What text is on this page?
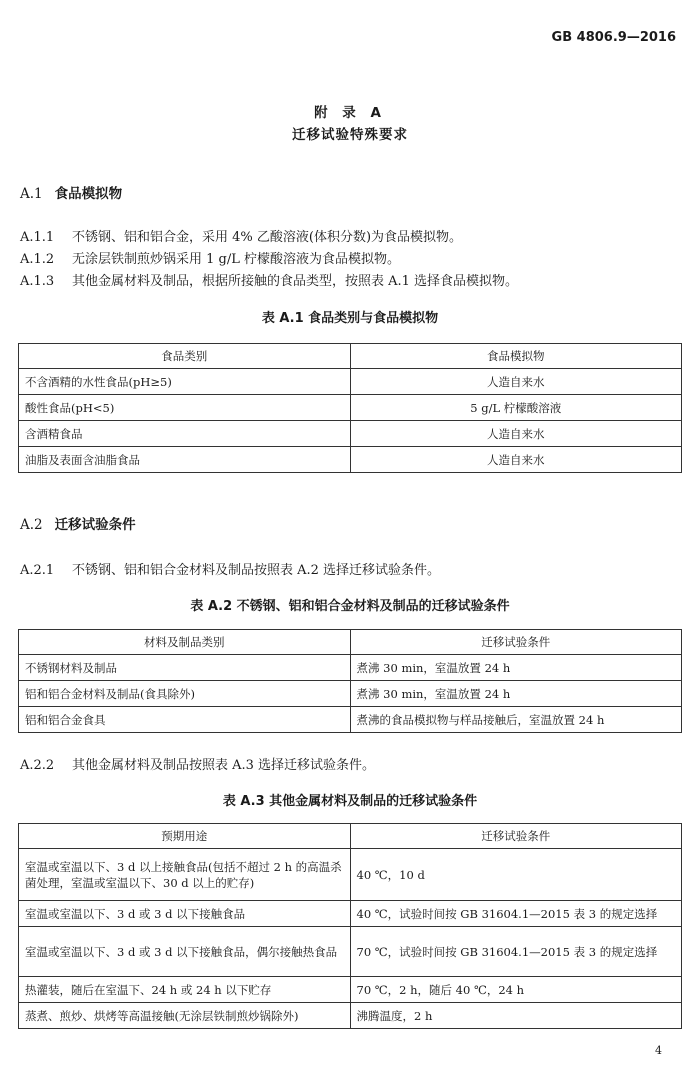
GB 4806.9—2016
附 录 A
迁移试验特殊要求
A.1 食品模拟物
A.1.1 不锈钢、铝和铝合金，采用 4% 乙酸溶液(体积分数)为食品模拟物。
A.1.2 无涂层铁制煎炒锅采用 1 g/L 柠檬酸溶液为食品模拟物。
A.1.3 其他金属材料及制品，根据所接触的食品类型，按照表 A.1 选择食品模拟物。
表 A.1 食品类别与食品模拟物
食品类别	食品模拟物
不含酒精的水性食品(pH≥5)	人造自来水
酸性食品(pH<5)	5 g/L 柠檬酸溶液
含酒精食品	人造自来水
油脂及表面含油脂食品	人造自来水
A.2 迁移试验条件
A.2.1 不锈钢、铝和铝合金材料及制品按照表 A.2 选择迁移试验条件。
表 A.2 不锈钢、铝和铝合金材料及制品的迁移试验条件
材料及制品类别	迁移试验条件
不锈钢材料及制品	煮沸 30 min，室温放置 24 h
铝和铝合金材料及制品(食具除外)	煮沸 30 min，室温放置 24 h
铝和铝合金食具	煮沸的食品模拟物与样品接触后，室温放置 24 h
A.2.2 其他金属材料及制品按照表 A.3 选择迁移试验条件。
表 A.3 其他金属材料及制品的迁移试验条件
预期用途	迁移试验条件
室温或室温以下、3 d 以上接触食品(包括不超过 2 h 的高温杀菌处理，室温或室温以下、30 d 以上的贮存)	40 ℃，10 d
室温或室温以下、3 d 或 3 d 以下接触食品	40 ℃，试验时间按 GB 31604.1—2015 表 3 的规定选择
室温或室温以下、3 d 或 3 d 以下接触食品，偶尔接触热食品	70 ℃，试验时间按 GB 31604.1—2015 表 3 的规定选择
热灌装，随后在室温下、24 h 或 24 h 以下贮存	70 ℃，2 h，随后 40 ℃，24 h
蒸煮、煎炒、烘烤等高温接触(无涂层铁制煎炒锅除外)	沸腾温度，2 h
4
